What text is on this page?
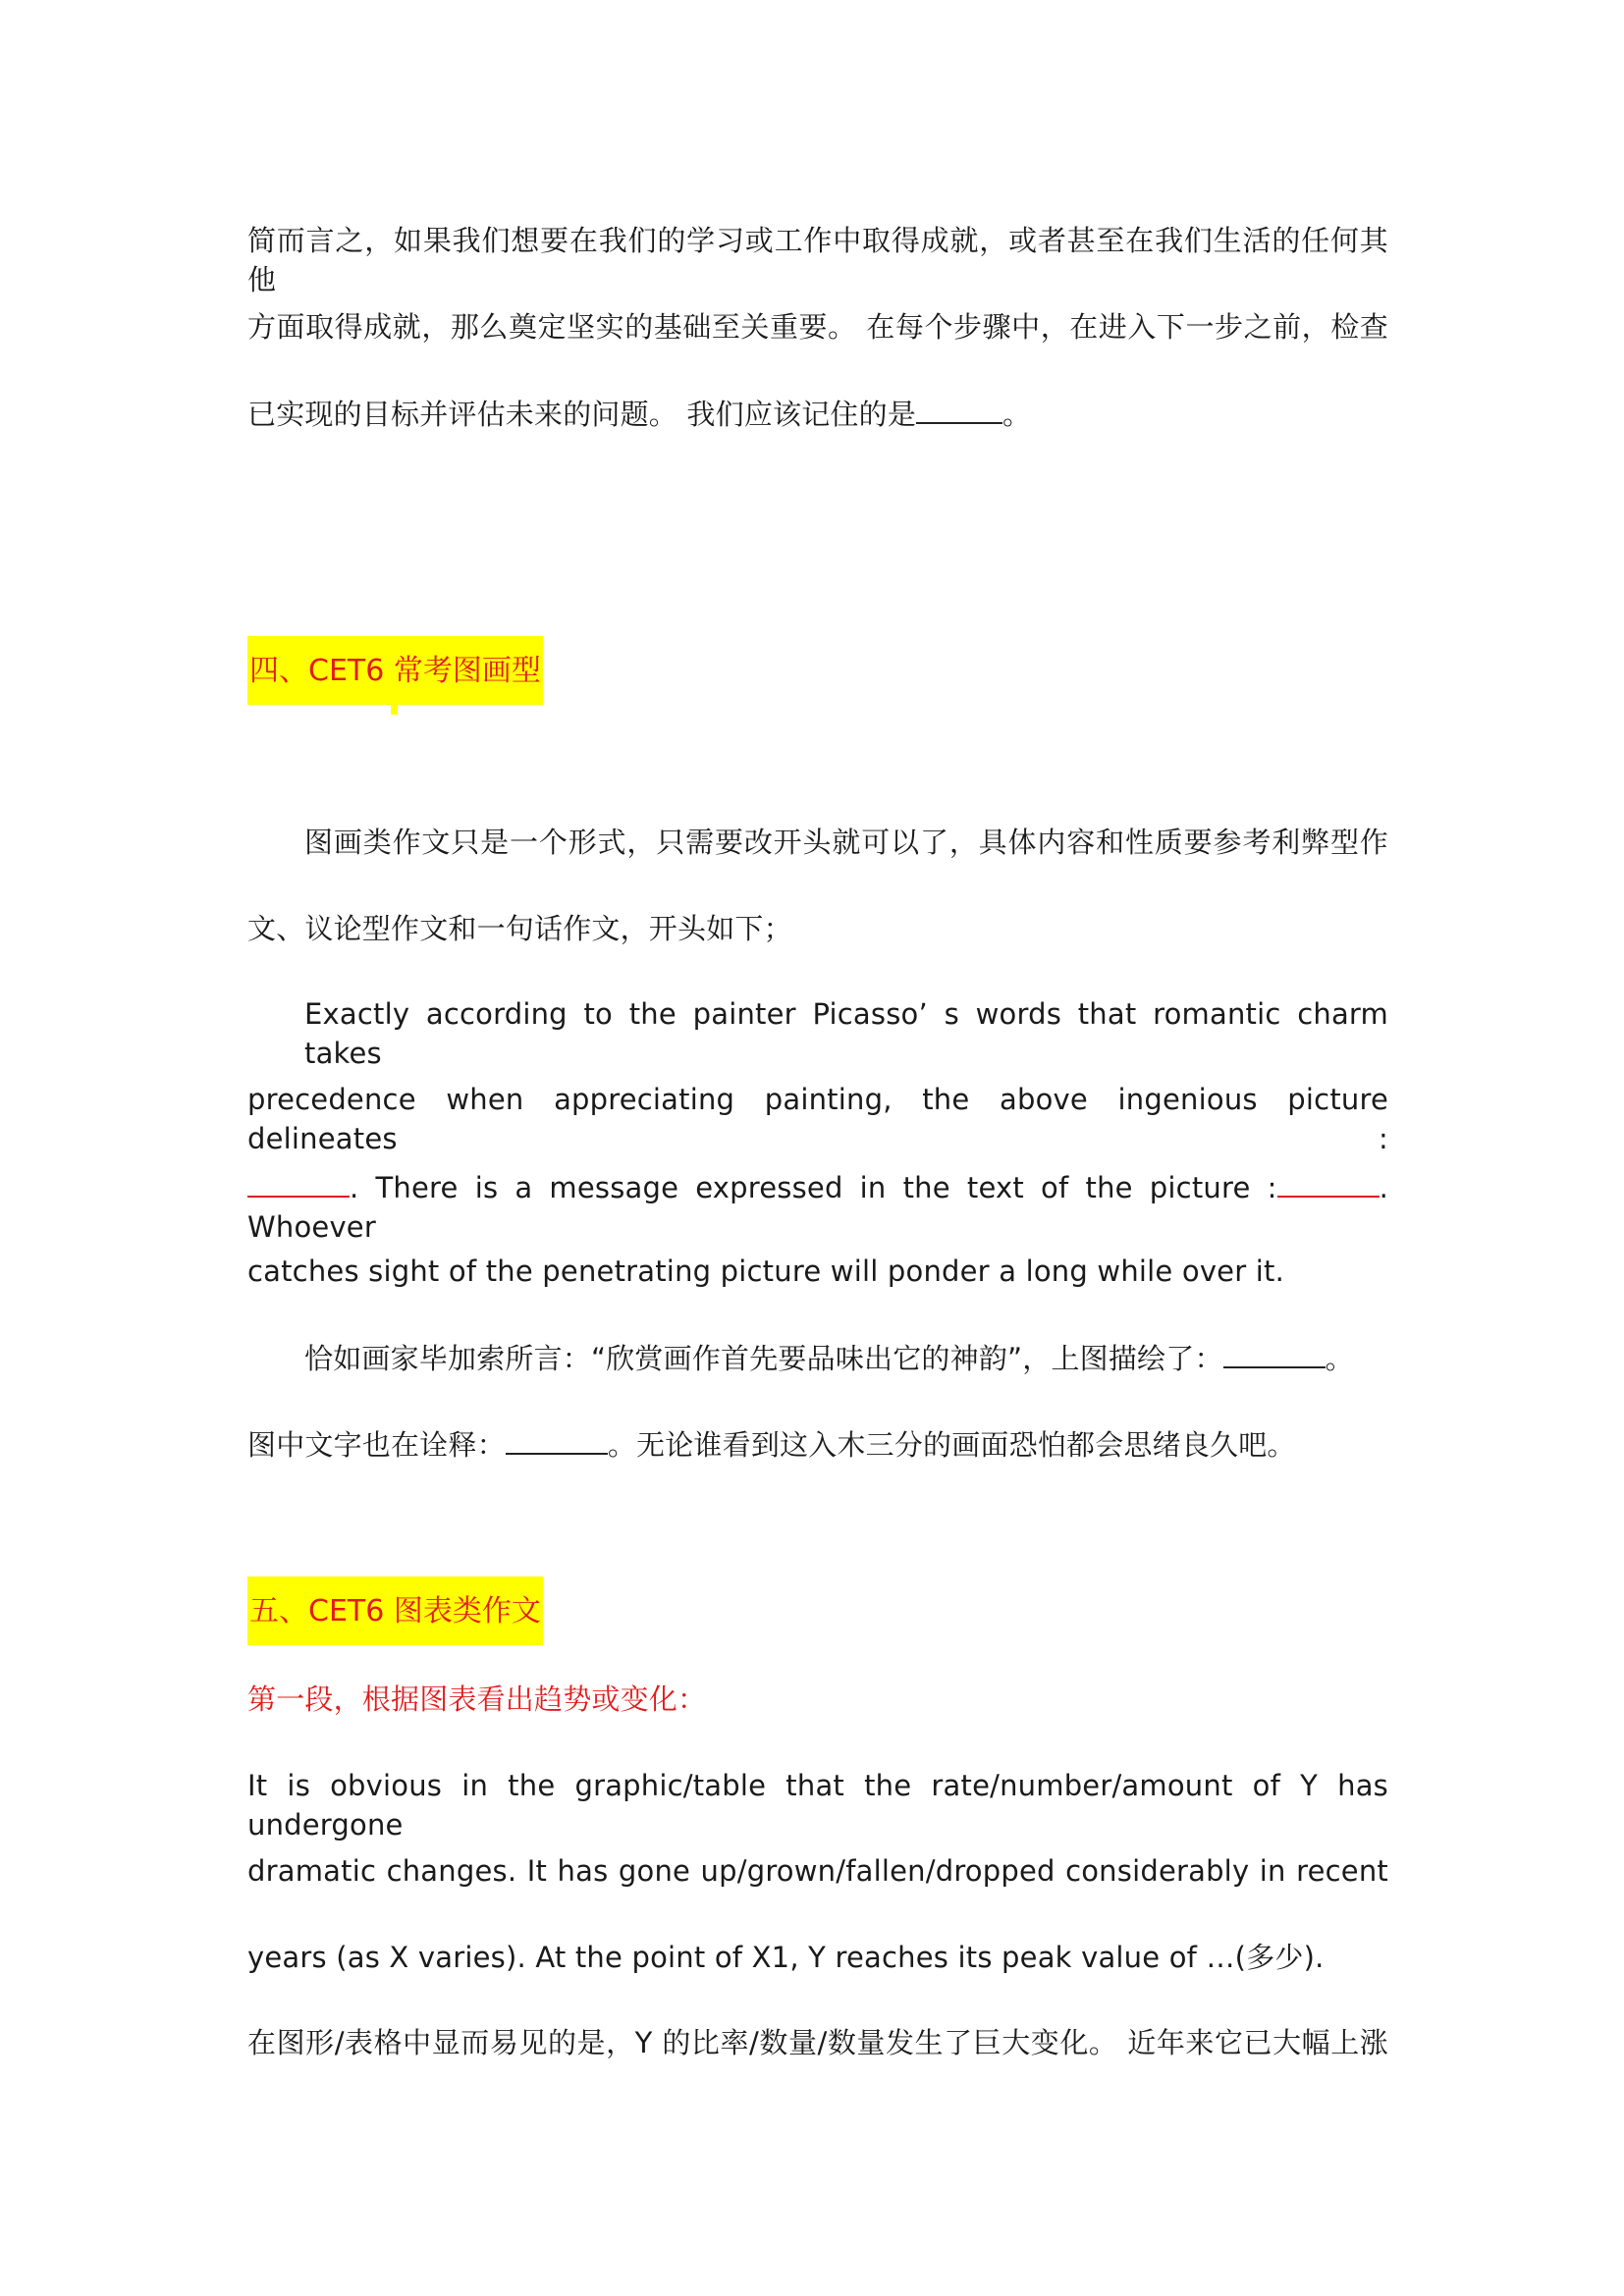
简而言之，如果我们想要在我们的学习或工作中取得成就，或者甚至在我们生活的任何其他
方面取得成就，那么奠定坚实的基础至关重要。 在每个步骤中，在进入下一步之前，检查
已实现的目标并评估未来的问题。 我们应该记住的是	。
四、CET6 常考图画型
图画类作文只是一个形式，只需要改开头就可以了，具体内容和性质要参考利弊型作
文、议论型作文和一句话作文，开头如下；
Exactly according to the painter Picasso’ s words that romantic charm takes
precedence when appreciating painting, the above ingenious picture delineates :
. There is a message expressed in the text of the picture :	. Whoever
catches sight of the penetrating picture will ponder a long while over it.
恰如画家毕加索所言：“欣赏画作首先要品味出它的神韵”，上图描绘了：	。
图中文字也在诠释：	。无论谁看到这入木三分的画面恐怕都会思绪良久吧。
五、CET6 图表类作文
第一段，根据图表看出趋势或变化：
It is obvious in the graphic/table that the rate/number/amount of Y has undergone
dramatic changes. It has gone up/grown/fallen/dropped considerably in recent
years (as X varies). At the point of X1, Y reaches its peak value of …(多少).
在图形/表格中显而易见的是，Y 的比率/数量/数量发生了巨大变化。 近年来它已大幅上涨
